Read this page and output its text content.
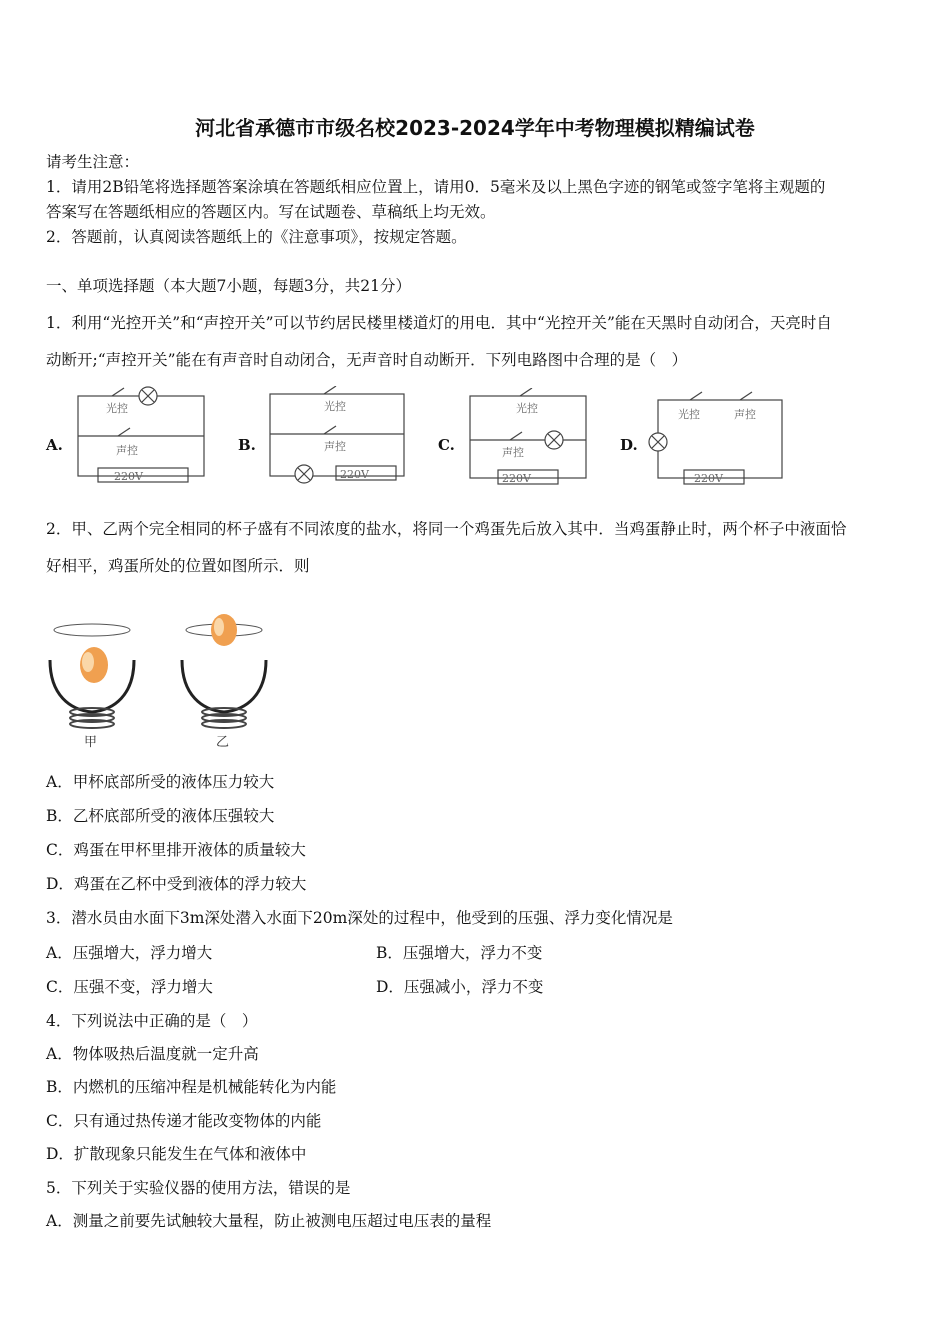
河北省承德市市级名校2023-2024学年中考物理模拟精编试卷
请考生注意：
1．请用2B铅笔将选择题答案涂填在答题纸相应位置上，请用0．5毫米及以上黑色字迹的钢笔或签字笔将主观题的
答案写在答题纸相应的答题区内。写在试题卷、草稿纸上均无效。
2．答题前，认真阅读答题纸上的《注意事项》，按规定答题。
一、单项选择题（本大题7小题，每题3分，共21分）
1．利用“光控开关”和“声控开关”可以节约居民楼里楼道灯的用电．其中“光控开关”能在天黑时自动闭合，天亮时自
动断开;“声控开关”能在有声音时自动闭合，无声音时自动断开．下列电路图中合理的是（　）
A.	B.	C.	D.
光控
声控
220V
光控
声控
220V
光控
声控
220V
光控	声控
220V
2．甲、乙两个完全相同的杯子盛有不同浓度的盐水，将同一个鸡蛋先后放入其中．当鸡蛋静止时，两个杯子中液面恰
好相平，鸡蛋所处的位置如图所示．则
甲	乙
A．甲杯底部所受的液体压力较大
B．乙杯底部所受的液体压强较大
C．鸡蛋在甲杯里排开液体的质量较大
D．鸡蛋在乙杯中受到液体的浮力较大
3．潜水员由水面下3m深处潜入水面下20m深处的过程中，他受到的压强、浮力变化情况是
A．压强增大，浮力增大	B．压强增大，浮力不变
C．压强不变，浮力增大	D．压强减小，浮力不变
4．下列说法中正确的是（　）
A．物体吸热后温度就一定升高
B．内燃机的压缩冲程是机械能转化为内能
C．只有通过热传递才能改变物体的内能
D．扩散现象只能发生在气体和液体中
5．下列关于实验仪器的使用方法，错误的是
A．测量之前要先试触较大量程，防止被测电压超过电压表的量程
